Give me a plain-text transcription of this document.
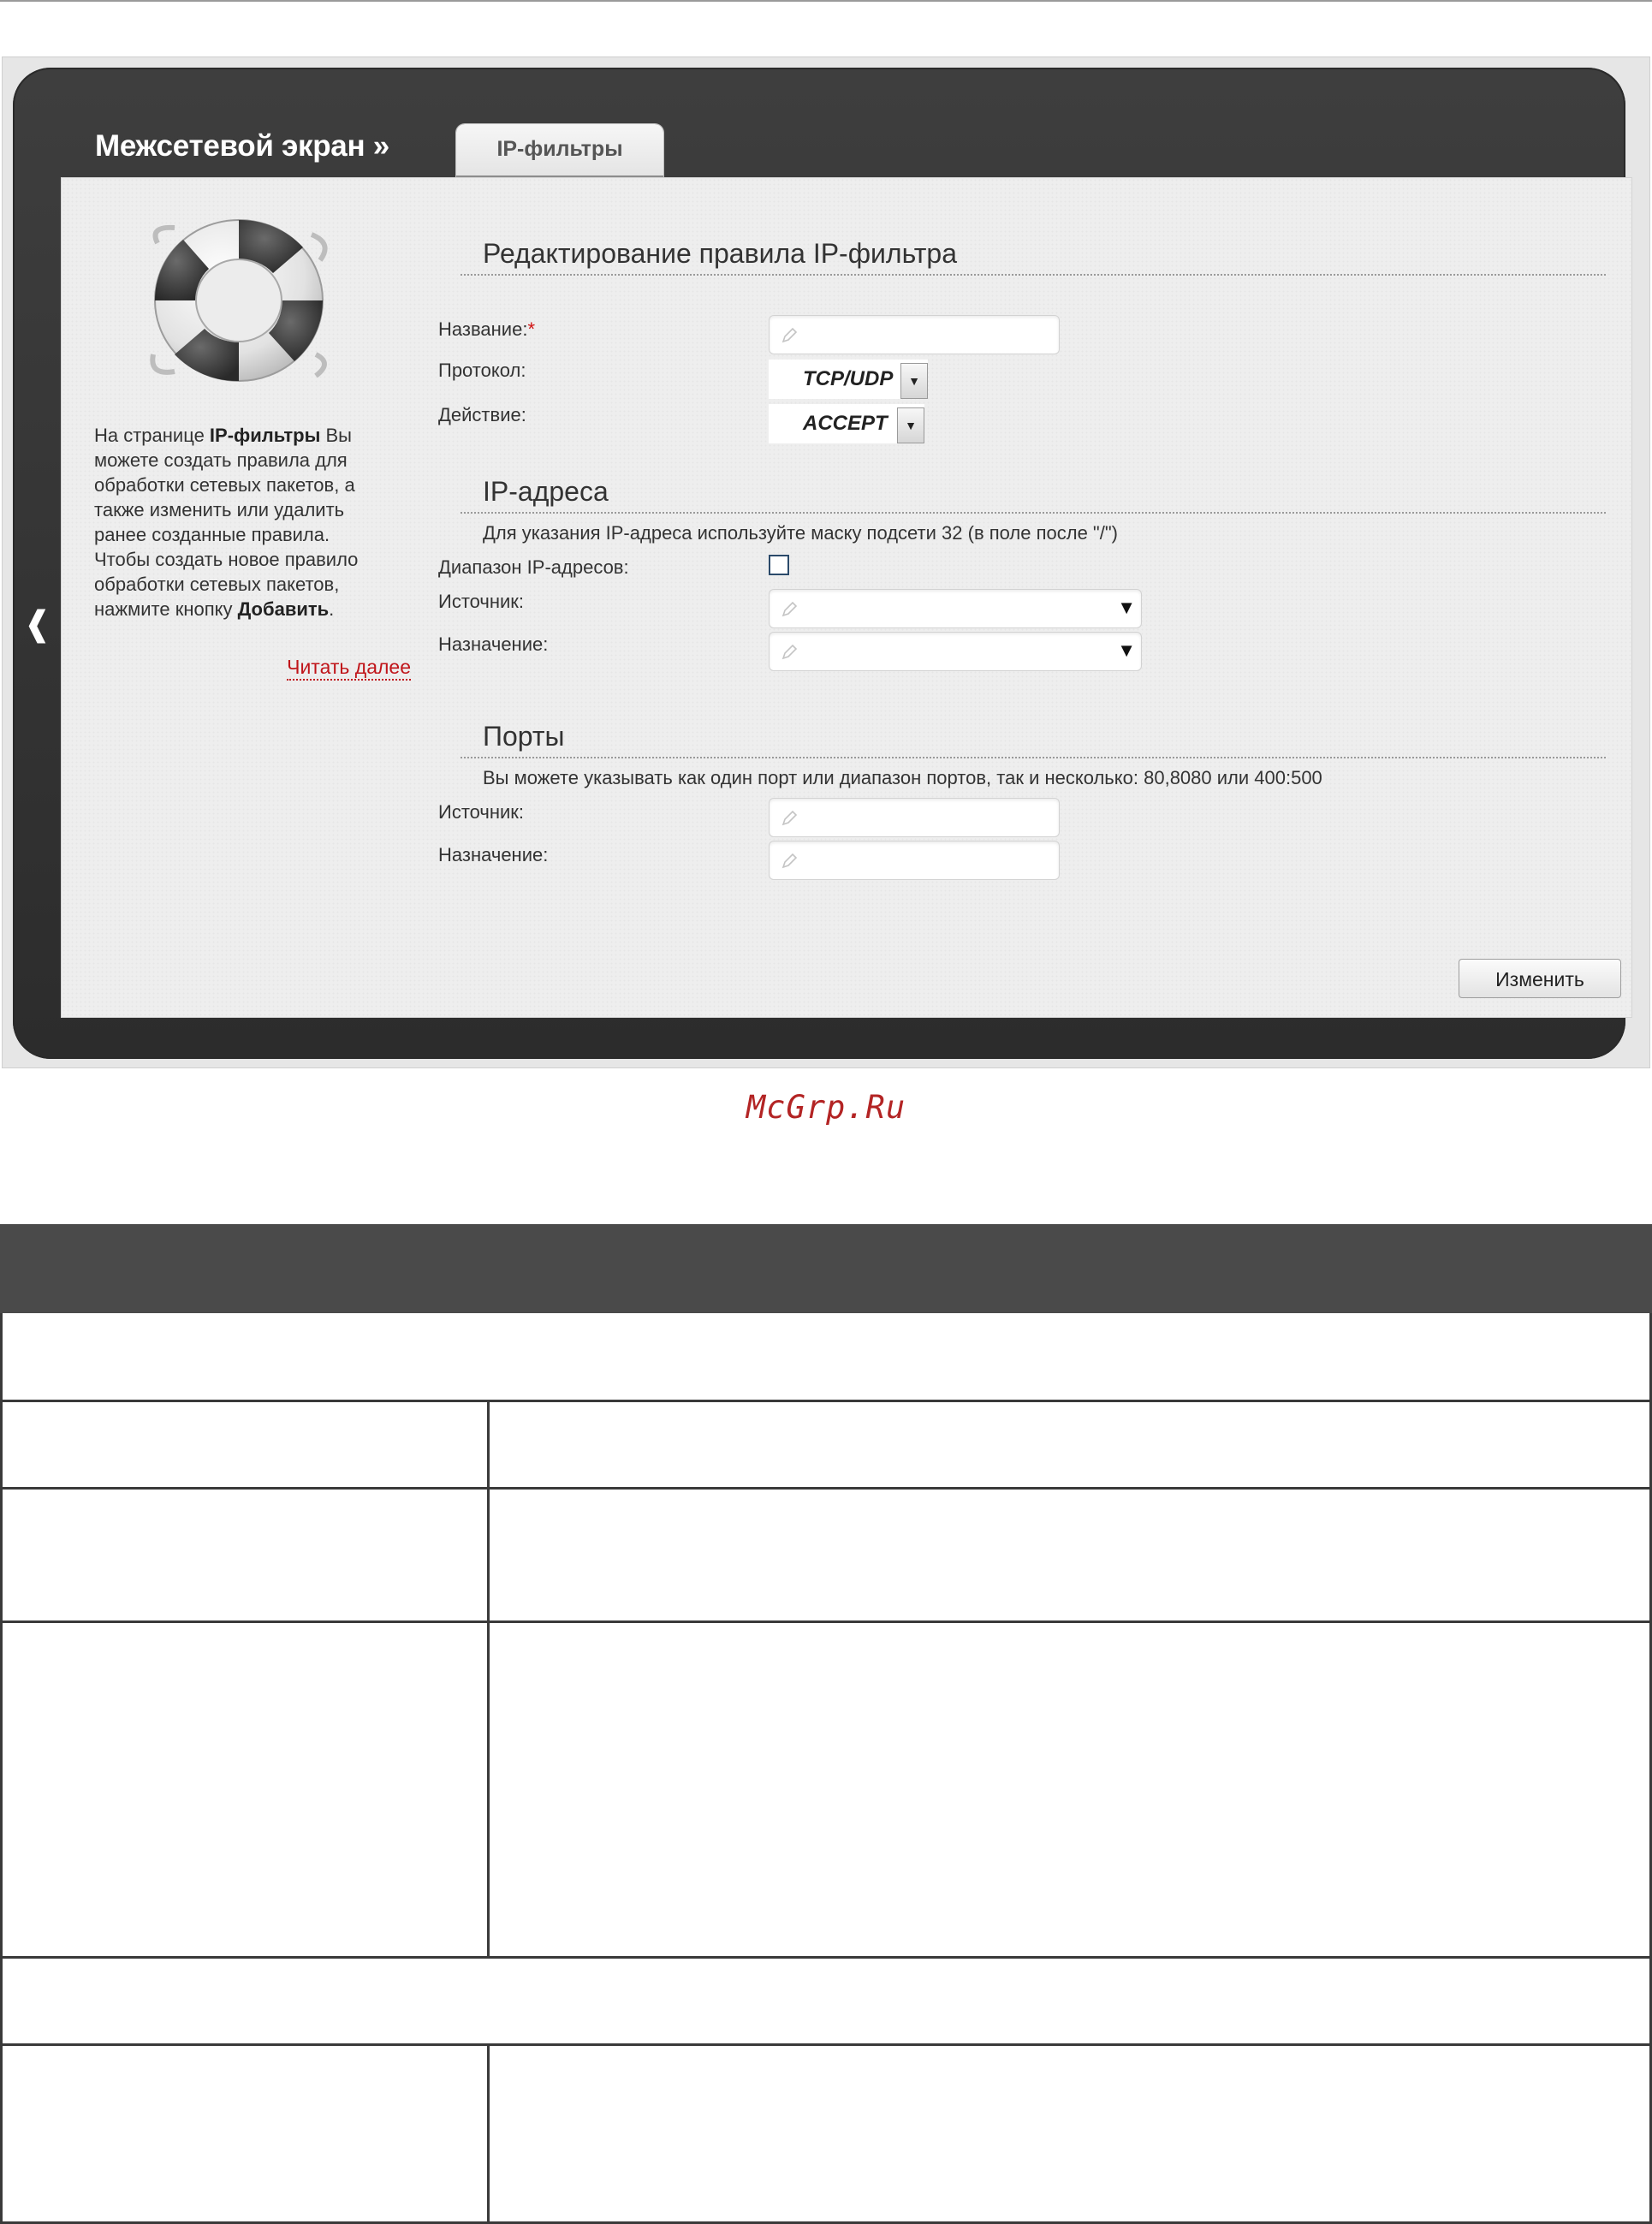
Межсетевой экран »	IP-фильтры
❰
На странице IP-фильтры Вы можете создать правила для обработки сетевых пакетов, а также изменить или удалить ранее созданные правила. Чтобы создать новое правило обработки сетевых пакетов, нажмите кнопку Добавить.
Читать далее
Редактирование правила IP-фильтра
Название:*
Протокол:	TCP/UDP	▼
Действие:	ACCEPT	▼
IP-адреса
Для указания IP-адреса используйте маску подсети 32 (в поле после "/")
Диапазон IP-адресов:
Источник:	▼
Назначение:	▼
Порты
Вы можете указывать как один порт или диапазон портов, так и несколько: 80,8080 или 400:500
Источник:
Назначение:
Изменить
McGrp.Ru
